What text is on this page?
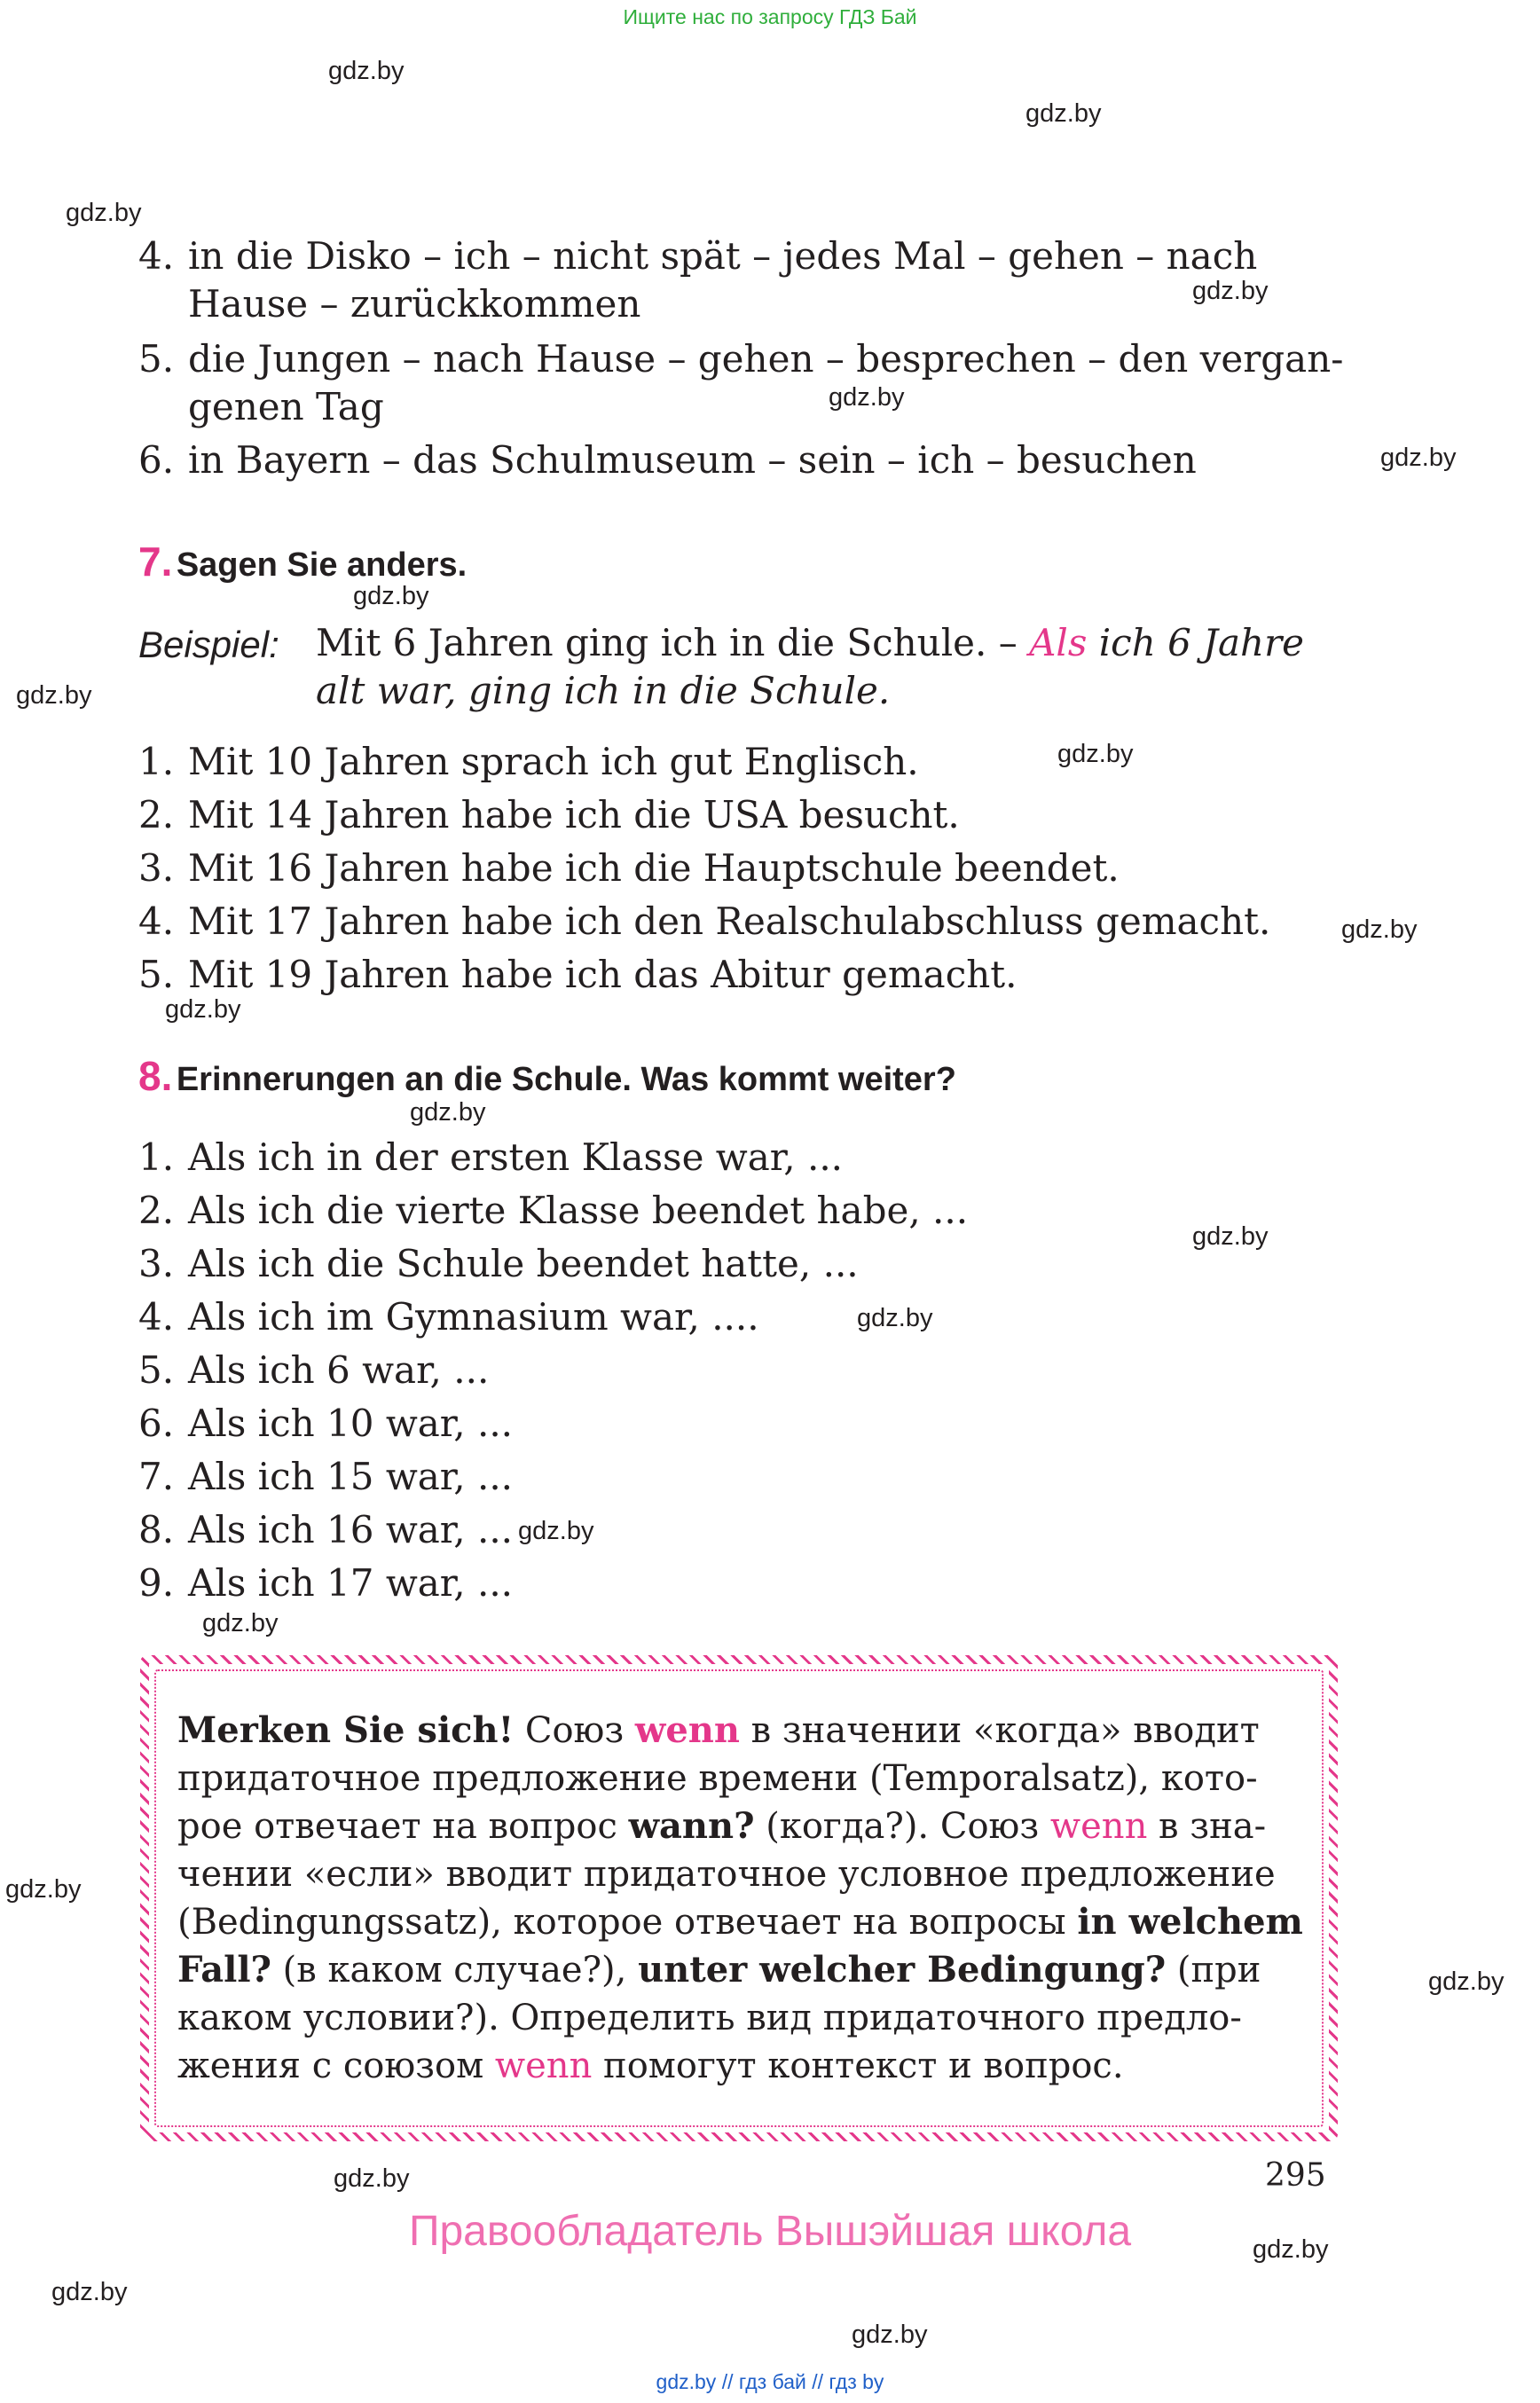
Ищите нас по запросу ГДЗ Бай
gdz.by
gdz.by
gdz.by
gdz.by
gdz.by
gdz.by
gdz.by
gdz.by
gdz.by
gdz.by
gdz.by
gdz.by
gdz.by
gdz.by
gdz.by
gdz.by
gdz.by
gdz.by
gdz.by
gdz.by
gdz.by
gdz.by
4. in die Disko – ich – nicht spät – jedes Mal – gehen – nach
Hause – zurückkommen
5. die Jungen – nach Hause – gehen – besprechen – den vergan-
genen Tag
6. in Bayern – das Schulmuseum – sein – ich – besuchen
7. Sagen Sie anders.
Beispiel: Mit 6 Jahren ging ich in die Schule. – Als ich 6 Jahre
alt war, ging ich in die Schule.
1. Mit 10 Jahren sprach ich gut Englisch.
2. Mit 14 Jahren habe ich die USA besucht.
3. Mit 16 Jahren habe ich die Hauptschule beendet.
4. Mit 17 Jahren habe ich den Realschulabschluss gemacht.
5. Mit 19 Jahren habe ich das Abitur gemacht.
8. Erinnerungen an die Schule. Was kommt weiter?
1. Als ich in der ersten Klasse war, ...
2. Als ich die vierte Klasse beendet habe, ...
3. Als ich die Schule beendet hatte, ...
4. Als ich im Gymnasium war, ....
5. Als ich 6 war, ...
6. Als ich 10 war, ...
7. Als ich 15 war, ...
8. Als ich 16 war, ...
9. Als ich 17 war, ...
Merken Sie sich! Союз wenn в значении «когда» вводит
придаточное предложение времени (Temporalsatz), кото-
рое отвечает на вопрос wann? (когда?). Союз wenn в зна-
чении «если» вводит придаточное условное предложение
(Bedingungssatz), которое отвечает на вопросы in welchem
Fall? (в каком случае?), unter welcher Bedingung? (при
каком условии?). Определить вид придаточного предло-
жения с союзом wenn помогут контекст и вопрос.
295
Правообладатель Вышэйшая школа
gdz.by // гдз бай // гдз by
